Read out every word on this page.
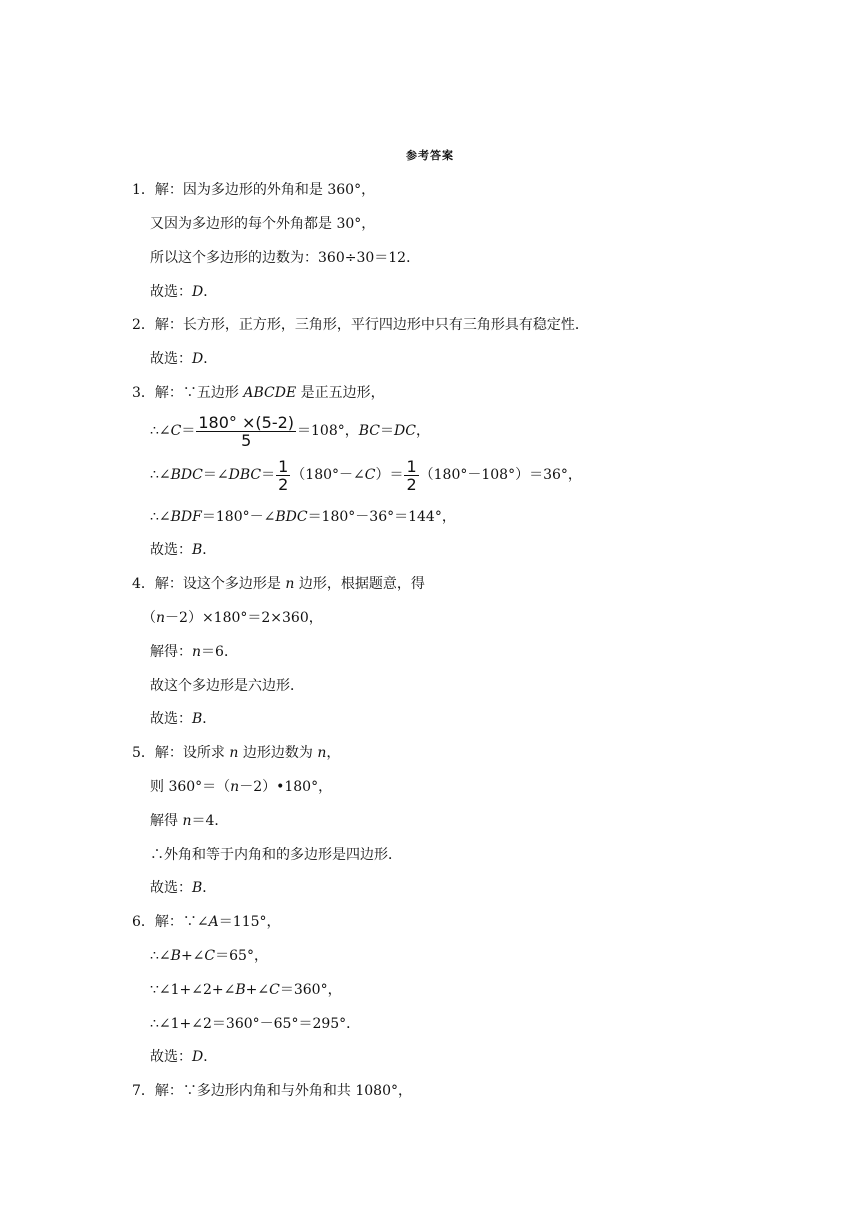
参考答案
1．解：因为多边形的外角和是 360°，
又因为多边形的每个外角都是 30°，
所以这个多边形的边数为：360÷30＝12．
故选：D．
2．解：长方形，正方形，三角形，平行四边形中只有三角形具有稳定性．
故选：D．
3．解：∵五边形 ABCDE 是正五边形，
∴∠C＝ $\frac{180^\circ \times(5-2)}{5} =108^\circ$，BC＝DC，
∴∠BDC＝∠DBC＝ $\frac{1}{2}$ （180°－∠C）＝ $\frac{1}{2} (180^\circ-108^\circ)=36^\circ$，
∴∠BDF＝180°－∠BDC＝180°－36°＝144°，
故选：B．
4．解：设这个多边形是 n 边形，根据题意，得
（n－2）×180°＝2×360，
解得：n＝6．
故这个多边形是六边形．
故选：B．
5．解：设所求 n 边形边数为 n，
则 360°＝（n－2）•180°，
解得 n＝4．
∴外角和等于内角和的多边形是四边形．
故选：B．
6．解：∵∠A＝115°，
∴∠B+∠C＝65°，
∵∠1+∠2+∠B+∠C＝360°，
∴∠1+∠2＝360°－65°＝295°．
故选：D．
7．解：∵多边形内角和与外角和共 1080°，
